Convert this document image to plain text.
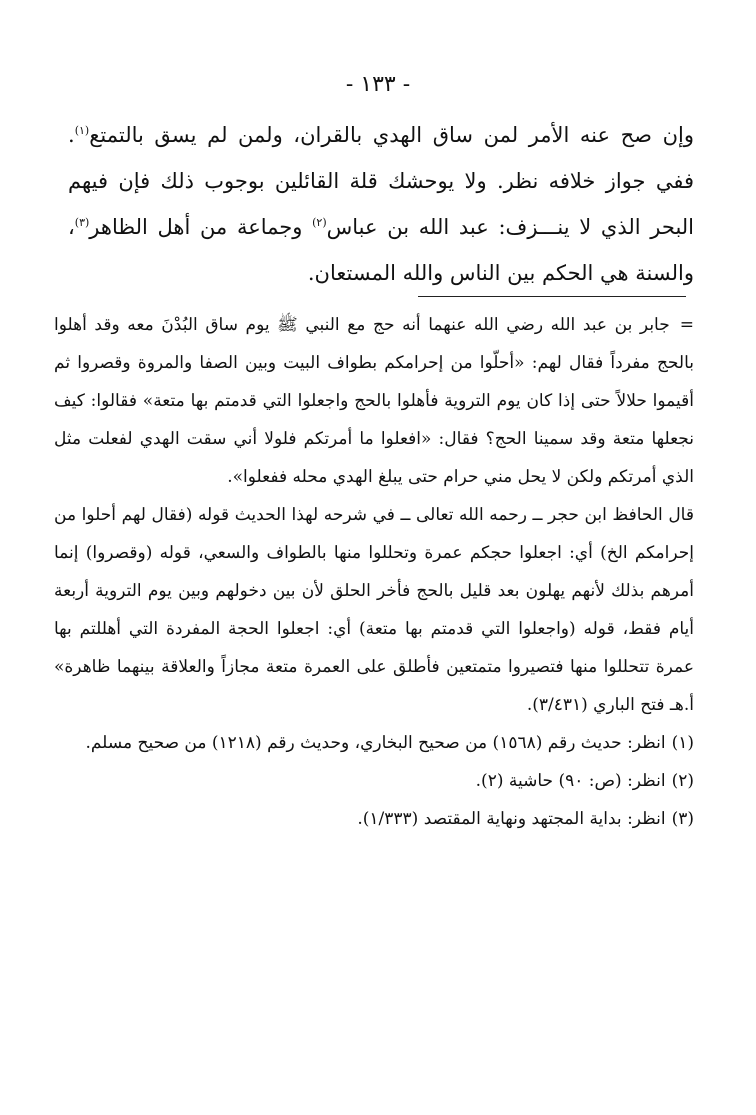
- ١٣٣ -

وإن صح عنه الأمر لمن ساق الهدي بالقران، ولمن لم يسق بالتمتع$^{(١)}$. ففي جواز خلافه نظر. ولا يوحشك قلة القائلين بوجوب ذلك فإن فيهم البحر الذي لا ينـــزف: عبد الله بن عباس$^{(٢)}$ وجماعة من أهل الظاهر$^{(٣)}$، والسنة هي الحكم بين الناس والله المستعان.

=جابر بن عبد الله رضي الله عنهما أنه حج مع النبي ﷺ يوم ساق البُدْنَ معه وقد أهلوا بالحج مفرداً فقال لهم: «أحلّوا من إحرامكم بطواف البيت وبين الصفا والمروة وقصروا ثم أقيموا حلالاً حتى إذا كان يوم التروية فأهلوا بالحج واجعلوا التي قدمتم بها متعة» فقالوا: كيف نجعلها متعة وقد سمينا الحج؟ فقال: «افعلوا ما أمرتكم فلولا أني سقت الهدي لفعلت مثل الذي أمرتكم ولكن لا يحل مني حرام حتى يبلغ الهدي محله ففعلوا».

قال الحافظ ابن حجر ــ رحمه الله تعالى ــ في شرحه لهذا الحديث قوله (فقال لهم أحلوا من إحرامكم الخ) أي: اجعلوا حجكم عمرة وتحللوا منها بالطواف والسعي، قوله (وقصروا) إنما أمرهم بذلك لأنهم يهلون بعد قليل بالحج فأخر الحلق لأن بين دخولهم وبين يوم التروية أربعة أيام فقط، قوله (واجعلوا التي قدمتم بها متعة) أي: اجعلوا الحجة المفردة التي أهللتم بها عمرة تتحللوا منها فتصيروا متمتعين فأطلق على العمرة متعة مجازاً والعلاقة بينهما ظاهرة» أ.هـ فتح الباري (٣/٤٣١).

(١)
انظر: حديث رقم (١٥٦٨) من صحيح البخاري، وحديث رقم (١٢١٨) من صحيح مسلم.
(٢)
انظر: (ص: ٩٠) حاشية (٢).
(٣)
انظر: بداية المجتهد ونهاية المقتصد (١/٣٣٣).
